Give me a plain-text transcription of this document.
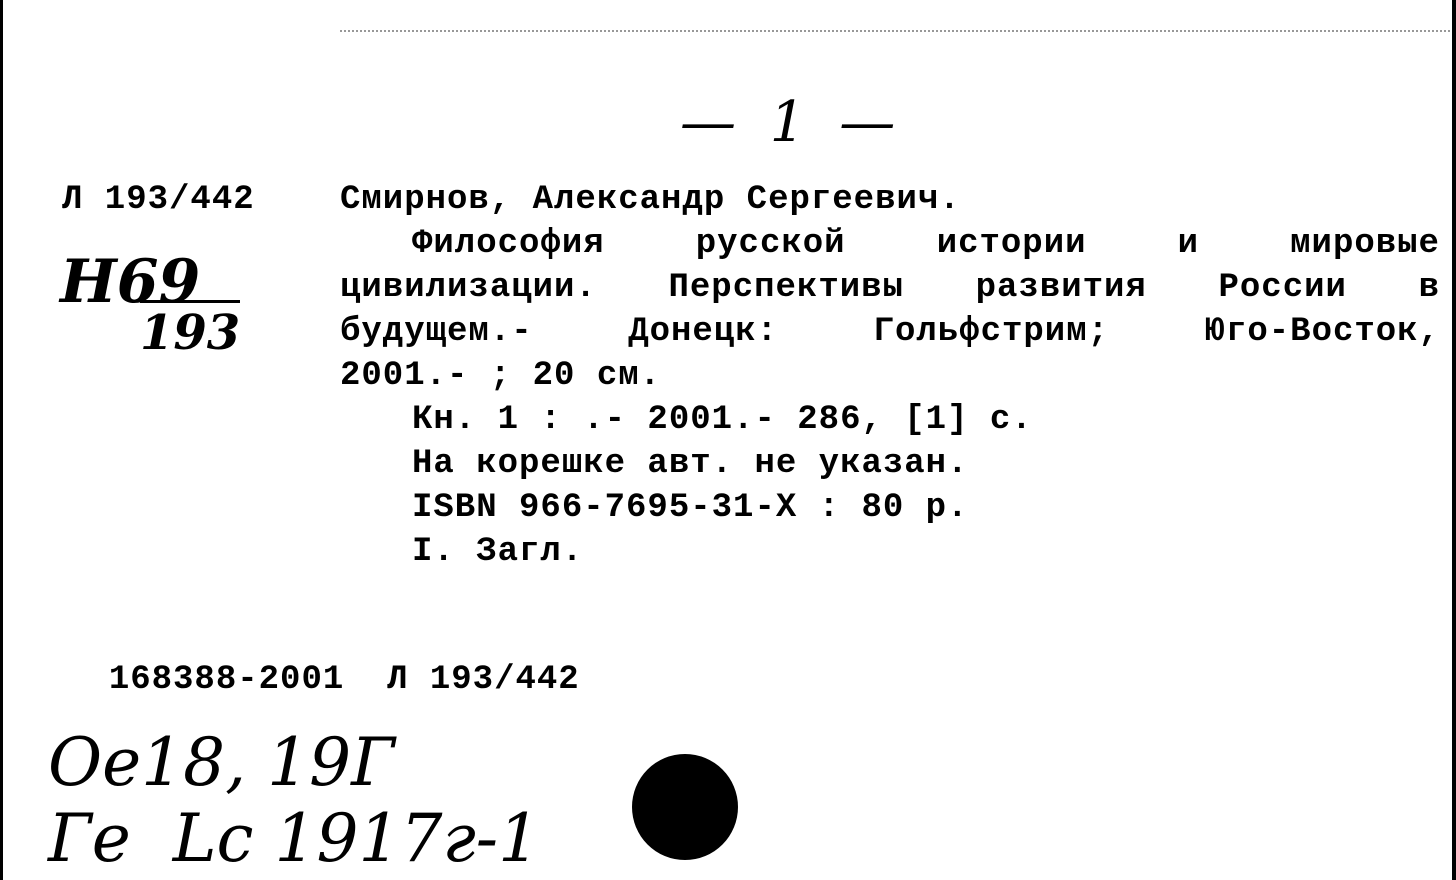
— 1 —
Л 193/442
Н69
193
Смирнов, Александр Сергеевич.
Философия	русской	истории	и	мировые
цивилизации. Перспективы развития России в
будущем.-	Донецк:	Гольфстрим;	Юго-Восток,
2001.- ; 20 см.
Кн. 1 : .- 2001.- 286, [1] с.
На корешке авт. не указан.
ISBN 966-7695-31-X : 80 р.
I. Загл.

168388-2001 Л 193/442

Ое18, 19Г
Ге  Lс 1917г-1
